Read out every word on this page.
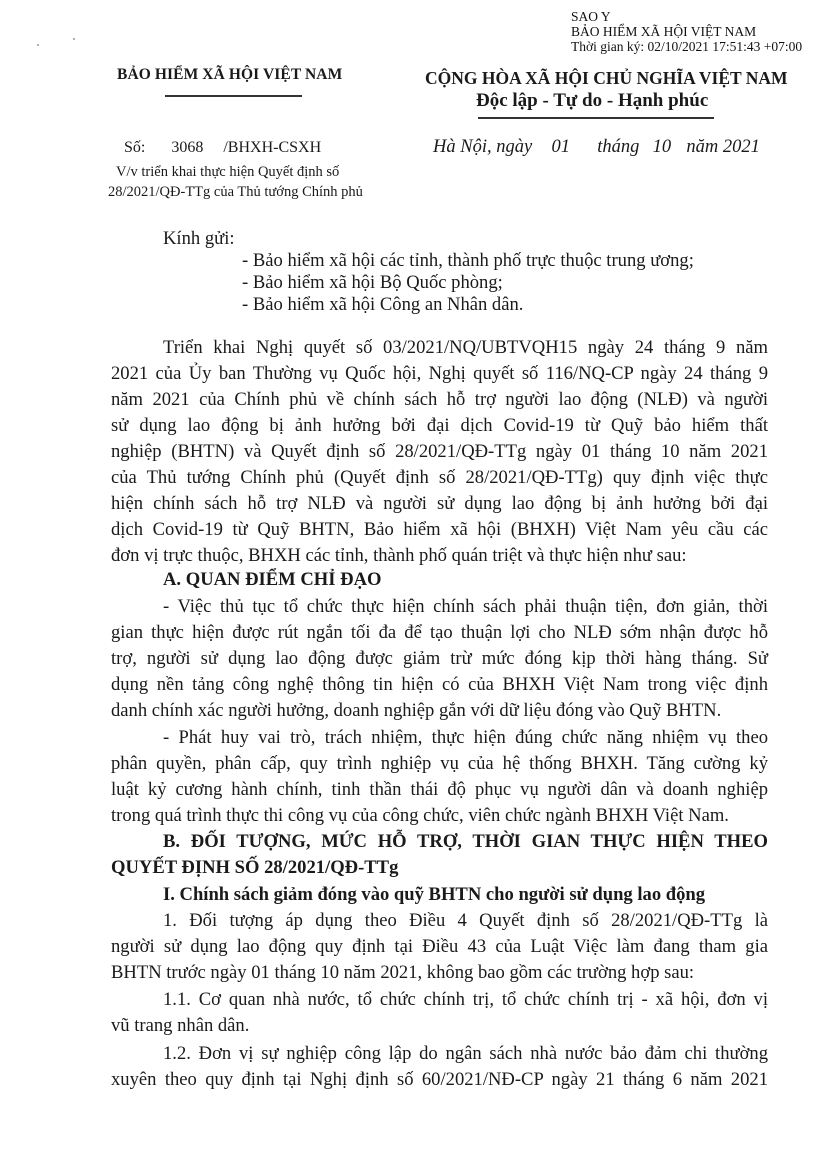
SAO Y
BẢO HIỂM XÃ HỘI VIỆT NAM
Thời gian ký: 02/10/2021 17:51:43 +07:00
BẢO HIỂM XÃ HỘI VIỆT NAM
Số: 3068 /BHXH-CSXH
V/v triển khai thực hiện Quyết định số
28/2021/QĐ-TTg của Thủ tướng Chính phủ
CỘNG HÒA XÃ HỘI CHỦ NGHĨA VIỆT NAM
Độc lập - Tự do - Hạnh phúc
Hà Nội, ngày 01 tháng 10 năm 2021
Kính gửi:
- Bảo hiểm xã hội các tỉnh, thành phố trực thuộc trung ương;
- Bảo hiểm xã hội Bộ Quốc phòng;
- Bảo hiểm xã hội Công an Nhân dân.
Triển khai Nghị quyết số 03/2021/NQ/UBTVQH15 ngày 24 tháng 9 năm
2021 của Ủy ban Thường vụ Quốc hội, Nghị quyết số 116/NQ-CP ngày 24 tháng 9
năm 2021 của Chính phủ về chính sách hỗ trợ người lao động (NLĐ) và người
sử dụng lao động bị ảnh hưởng bởi đại dịch Covid-19 từ Quỹ bảo hiểm thất
nghiệp (BHTN) và Quyết định số 28/2021/QĐ-TTg ngày 01 tháng 10 năm 2021
của Thủ tướng Chính phủ (Quyết định số 28/2021/QĐ-TTg) quy định việc thực
hiện chính sách hỗ trợ NLĐ và người sử dụng lao động bị ảnh hưởng bởi đại
dịch Covid-19 từ Quỹ BHTN, Bảo hiểm xã hội (BHXH) Việt Nam yêu cầu các
đơn vị trực thuộc, BHXH các tỉnh, thành phố quán triệt và thực hiện như sau:
A. QUAN ĐIỂM CHỈ ĐẠO
- Việc thủ tục tổ chức thực hiện chính sách phải thuận tiện, đơn giản, thời
gian thực hiện được rút ngắn tối đa để tạo thuận lợi cho NLĐ sớm nhận được hỗ
trợ, người sử dụng lao động được giảm trừ mức đóng kịp thời hàng tháng. Sử
dụng nền tảng công nghệ thông tin hiện có của BHXH Việt Nam trong việc định
danh chính xác người hưởng, doanh nghiệp gắn với dữ liệu đóng vào Quỹ BHTN.
- Phát huy vai trò, trách nhiệm, thực hiện đúng chức năng nhiệm vụ theo
phân quyền, phân cấp, quy trình nghiệp vụ của hệ thống BHXH. Tăng cường kỷ
luật kỷ cương hành chính, tinh thần thái độ phục vụ người dân và doanh nghiệp
trong quá trình thực thi công vụ của công chức, viên chức ngành BHXH Việt Nam.
B. ĐỐI TƯỢNG, MỨC HỖ TRỢ, THỜI GIAN THỰC HIỆN THEO
QUYẾT ĐỊNH SỐ 28/2021/QĐ-TTg
I. Chính sách giảm đóng vào quỹ BHTN cho người sử dụng lao động
1. Đối tượng áp dụng theo Điều 4 Quyết định số 28/2021/QĐ-TTg là
người sử dụng lao động quy định tại Điều 43 của Luật Việc làm đang tham gia
BHTN trước ngày 01 tháng 10 năm 2021, không bao gồm các trường hợp sau:
1.1. Cơ quan nhà nước, tổ chức chính trị, tổ chức chính trị - xã hội, đơn vị
vũ trang nhân dân.
1.2. Đơn vị sự nghiệp công lập do ngân sách nhà nước bảo đảm chi thường
xuyên theo quy định tại Nghị định số 60/2021/NĐ-CP ngày 21 tháng 6 năm 2021
